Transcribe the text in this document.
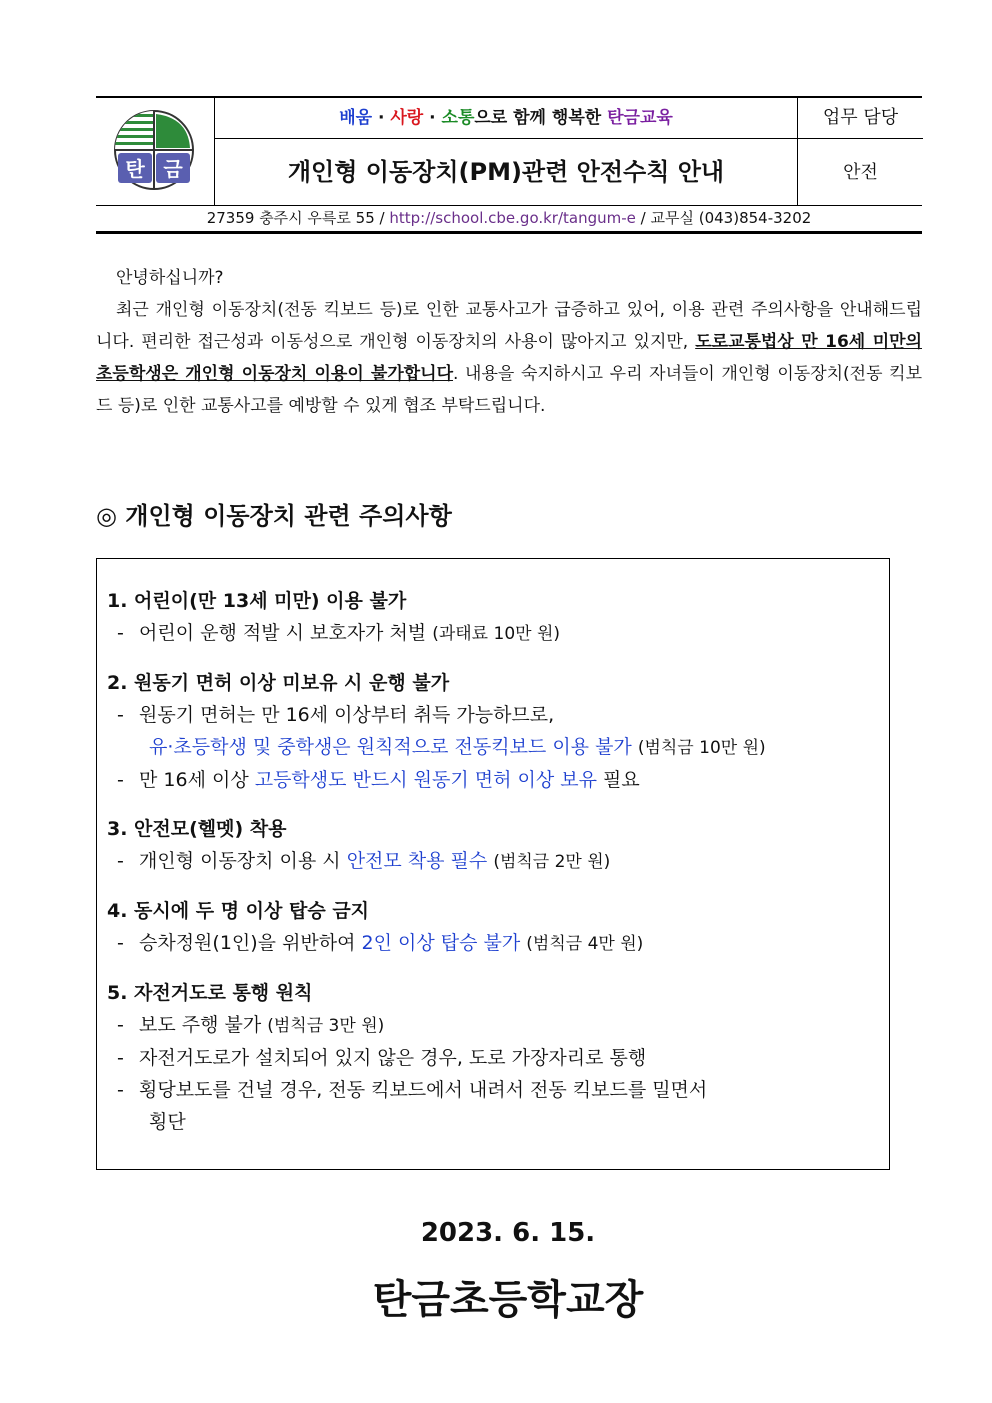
탄 금
배움 · 사랑 · 소통으로 함께 행복한 탄금교육
개인형 이동장치(PM)관련 안전수칙 안내
업무 담당
안전
27359 충주시 우륵로 55 / http://school.cbe.go.kr/tangum-e / 교무실 (043)854-3202

안녕하십니까?

최근 개인형 이동장치(전동 킥보드 등)로 인한 교통사고가 급증하고 있어, 이용 관련 주의사항을 안내해드립니다. 편리한 접근성과 이동성으로 개인형 이동장치의 사용이 많아지고 있지만, 도로교통법상 만 16세 미만의 초등학생은 개인형 이동장치 이용이 불가합니다. 내용을 숙지하시고 우리 자녀들이 개인형 이동장치(전동 킥보드 등)로 인한 교통사고를 예방할 수 있게 협조 부탁드립니다.

◎ 개인형 이동장치 관련 주의사항
1. 어린이(만 13세 미만) 이용 불가
- 어린이 운행 적발 시 보호자가 처벌 (과태료 10만 원)
2. 원동기 면허 이상 미보유 시 운행 불가
- 원동기 면허는 만 16세 이상부터 취득 가능하므로,
유·초등학생 및 중학생은 원칙적으로 전동킥보드 이용 불가 (범칙금 10만 원)
- 만 16세 이상 고등학생도 반드시 원동기 면허 이상 보유 필요
3. 안전모(헬멧) 착용
- 개인형 이동장치 이용 시 안전모 착용 필수 (범칙금 2만 원)
4. 동시에 두 명 이상 탑승 금지
- 승차정원(1인)을 위반하여 2인 이상 탑승 불가 (범칙금 4만 원)
5. 자전거도로 통행 원칙
- 보도 주행 불가 (범칙금 3만 원)
- 자전거도로가 설치되어 있지 않은 경우, 도로 가장자리로 통행
- 횡당보도를 건널 경우, 전동 킥보드에서 내려서 전동 킥보드를 밀면서
횡단
2023. 6. 15.
탄금초등학교장
